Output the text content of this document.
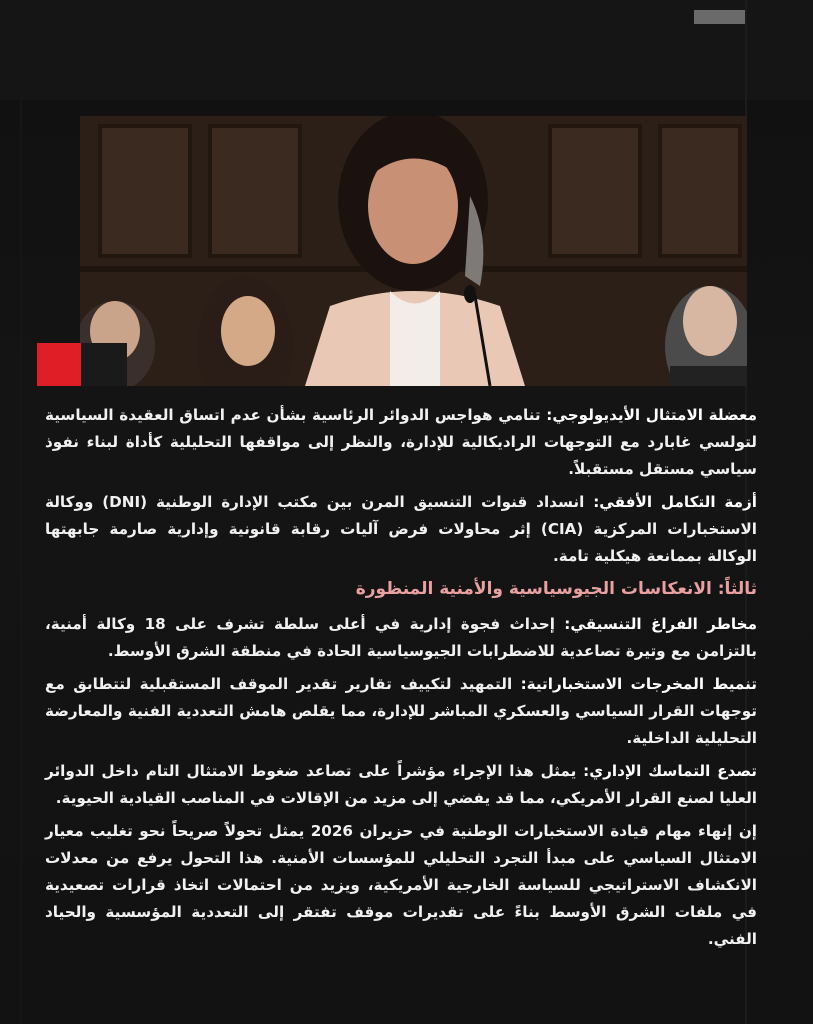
معضلة الامتثال الأيديولوجي: تنامي هواجس الدوائر الرئاسية بشأن عدم اتساق العقيدة السياسية لتولسي غابارد مع التوجهات الراديكالية للإدارة، والنظر إلى مواقفها التحليلية كأداة لبناء نفوذ سياسي مستقل مستقبلاً.

أزمة التكامل الأفقي: انسداد قنوات التنسيق المرن بين مكتب الإدارة الوطنية (DNI) ووكالة الاستخبارات المركزية (CIA) إثر محاولات فرض آليات رقابة قانونية وإدارية صارمة جابهتها الوكالة بممانعة هيكلية تامة.

ثالثاً: الانعكاسات الجيوسياسية والأمنية المنظورة

مخاطر الفراغ التنسيقي: إحداث فجوة إدارية في أعلى سلطة تشرف على 18 وكالة أمنية، بالتزامن مع وتيرة تصاعدية للاضطرابات الجيوسياسية الحادة في منطقة الشرق الأوسط.

تنميط المخرجات الاستخباراتية: التمهيد لتكييف تقارير تقدير الموقف المستقبلية لتتطابق مع توجهات القرار السياسي والعسكري المباشر للإدارة، مما يقلص هامش التعددية الفنية والمعارضة التحليلية الداخلية.

تصدع التماسك الإداري: يمثل هذا الإجراء مؤشراً على تصاعد ضغوط الامتثال التام داخل الدوائر العليا لصنع القرار الأمريكي، مما قد يفضي إلى مزيد من الإقالات في المناصب القيادية الحيوية.

إن إنهاء مهام قيادة الاستخبارات الوطنية في حزيران 2026 يمثل تحولاً صريحاً نحو تغليب معيار الامتثال السياسي على مبدأ التجرد التحليلي للمؤسسات الأمنية. هذا التحول يرفع من معدلات الانكشاف الاستراتيجي للسياسة الخارجية الأمريكية، ويزيد من احتمالات اتخاذ قرارات تصعيدية في ملفات الشرق الأوسط بناءً على تقديرات موقف تفتقر إلى التعددية المؤسسية والحياد الفني.
